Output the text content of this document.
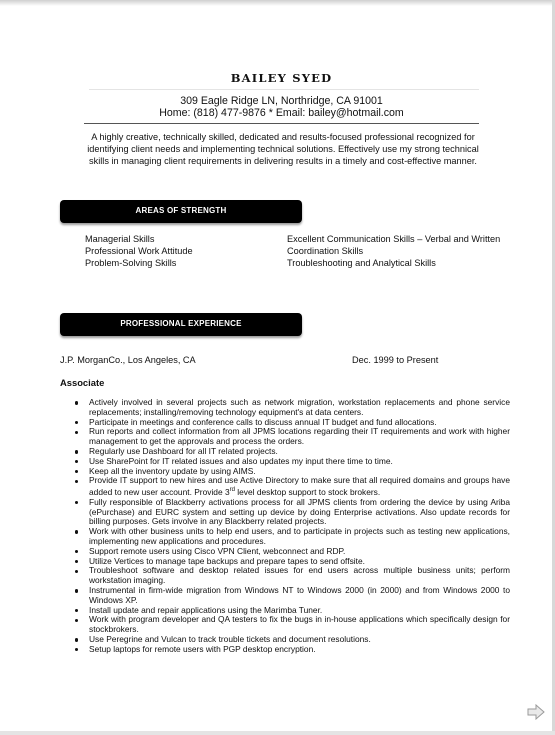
BAILEY SYED
309 Eagle Ridge LN, Northridge, CA 91001
Home: (818) 477-9876 * Email: bailey@hotmail.com
A highly creative, technically skilled, dedicated and results-focused professional recognized for identifying client needs and implementing technical solutions. Effectively use my strong technical skills in managing client requirements in delivering results in a timely and cost-effective manner.
AREAS OF STRENGTH
Managerial Skills
Professional Work Attitude
Problem-Solving Skills
Excellent Communication Skills – Verbal and Written
Coordination Skills
Troubleshooting and Analytical Skills
PROFESSIONAL EXPERIENCE
J.P. MorganCo., Los Angeles, CA	Dec. 1999 to Present
Associate
Actively involved in several projects such as network migration, workstation replacements and phone service replacements; installing/removing technology equipment's at data centers.
Participate in meetings and conference calls to discuss annual IT budget and fund allocations.
Run reports and collect information from all JPMS locations regarding their IT requirements and work with higher management to get the approvals and process the orders.
Regularly use Dashboard for all IT related projects.
Use SharePoint for IT related issues and also updates my input there time to time.
Keep all the inventory update by using AIMS.
Provide IT support to new hires and use Active Directory to make sure that all required domains and groups have added to new user account. Provide 3rd level desktop support to stock brokers.
Fully responsible of Blackberry activations process for all JPMS clients from ordering the device by using Ariba (ePurchase) and EURC system and setting up device by doing Enterprise activations. Also update records for billing purposes. Gets involve in any Blackberry related projects.
Work with other business units to help end users, and to participate in projects such as testing new applications, implementing new applications and procedures.
Support remote users using Cisco VPN Client, webconnect and RDP.
Utilize Vertices to manage tape backups and prepare tapes to send offsite.
Troubleshoot software and desktop related issues for end users across multiple business units; perform workstation imaging.
Instrumental in firm-wide migration from Windows NT to Windows 2000 (in 2000) and from Windows 2000 to Windows XP.
Install update and repair applications using the Marimba Tuner.
Work with program developer and QA testers to fix the bugs in in-house applications which specifically design for stockbrokers.
Use Peregrine and Vulcan to track trouble tickets and document resolutions.
Setup laptops for remote users with PGP desktop encryption.
